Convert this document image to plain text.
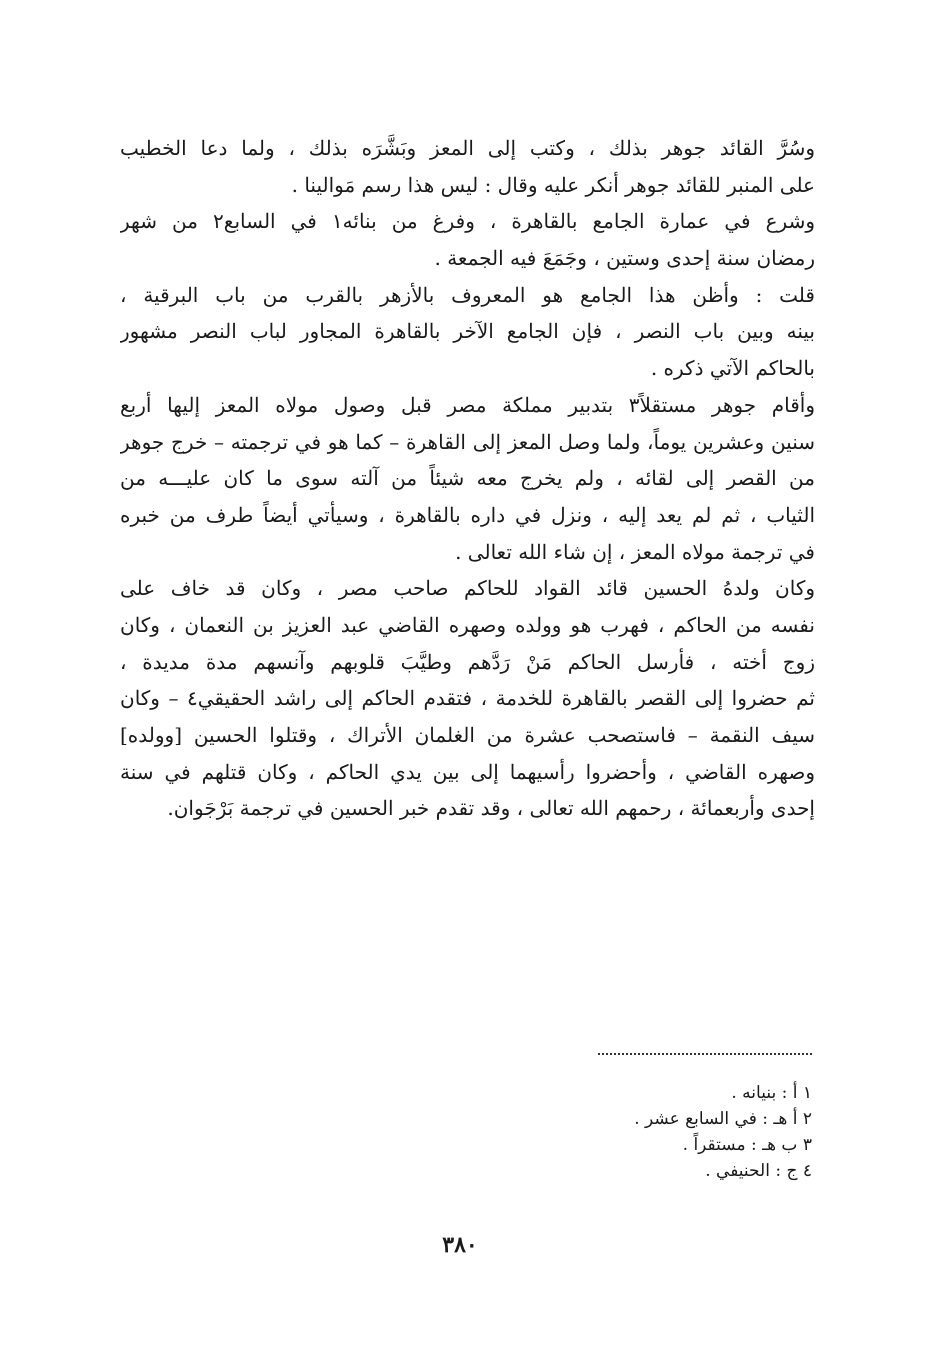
وسُرَّ القائد جوهر بذلك ، وكتب إلى المعز وبَشَّرَه بذلك ، ولما دعا الخطيب
على المنبر للقائد جوهر أنكر عليه وقال : ليس هذا رسم مَوالينا .
وشرع في عمارة الجامع بالقاهرة ، وفرغ من بنائه١ في السابع٢ من شهر
رمضان سنة إحدى وستين ، وجَمَعَ فيه الجمعة .
قلت : وأظن هذا الجامع هو المعروف بالأزهر بالقرب من باب البرقية ،
بينه وبين باب النصر ، فإن الجامع الآخر بالقاهرة المجاور لباب النصر مشهور
بالحاكم الآتي ذكره .
وأقام جوهر مستقلاً٣ بتدبير مملكة مصر قبل وصول مولاه المعز إليها أربع
سنين وعشرين يوماً، ولما وصل المعز إلى القاهرة – كما هو في ترجمته – خرج جوهر
من القصر إلى لقائه ، ولم يخرج معه شيئاً من آلته سوى ما كان عليـــه من
الثياب ، ثم لم يعد إليه ، ونزل في داره بالقاهرة ، وسيأتي أيضاً طرف من خبره
في ترجمة مولاه المعز ، إن شاء الله تعالى .
وكان ولدهُ الحسين قائد القواد للحاكم صاحب مصر ، وكان قد خاف على
نفسه من الحاكم ، فهرب هو وولده وصهره القاضي عبد العزيز بن النعمان ، وكان
زوج أخته ، فأرسل الحاكم مَنْ رَدَّهم وطيَّبَ قلوبهم وآنسهم مدة مديدة ،
ثم حضروا إلى القصر بالقاهرة للخدمة ، فتقدم الحاكم إلى راشد الحقيقي٤ – وكان
سيف النقمة – فاستصحب عشرة من الغلمان الأتراك ، وقتلوا الحسين [وولده]
وصهره القاضي ، وأحضروا رأسيهما إلى بين يدي الحاكم ، وكان قتلهم في سنة
إحدى وأربعمائة ، رحمهم الله تعالى ، وقد تقدم خبر الحسين في ترجمة بَرْجَوان.
١ أ : بنيانه .
٢ أ هـ : في السابع عشر .
٣ ب هـ : مستقراً .
٤ ج : الحنيفي .
٣٨٠
